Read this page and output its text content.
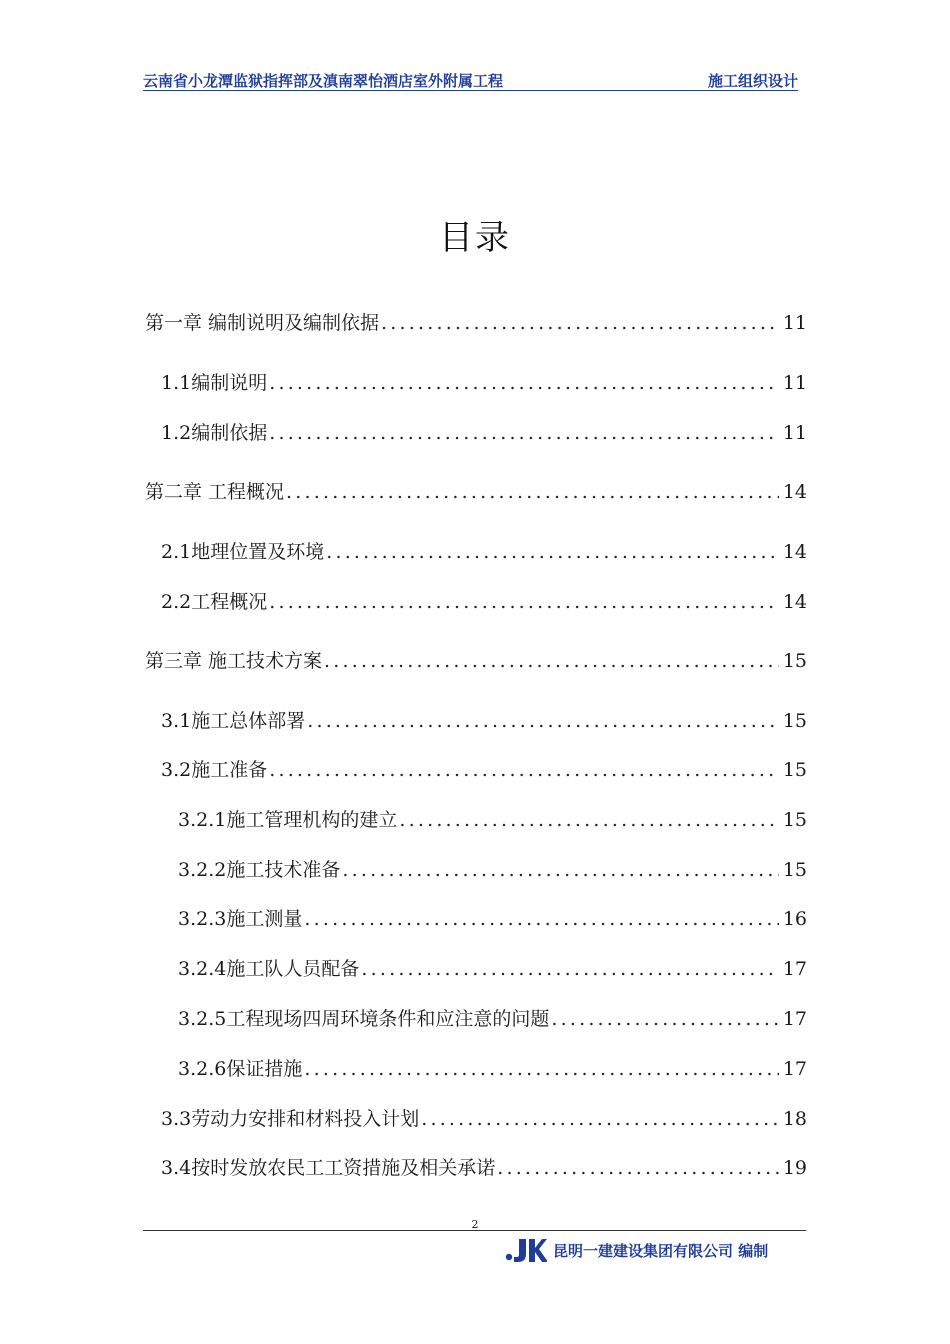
云南省小龙潭监狱指挥部及滇南翠怡酒店室外附属工程	施工组织设计
目录
第一章 编制说明及编制依据 .....	11
1.1编制说明 .....	11
1.2编制依据 .....	11
第二章 工程概况 .....	14
2.1地理位置及环境 .....	14
2.2工程概况 .....	14
第三章 施工技术方案 .....	15
3.1施工总体部署 .....	15
3.2施工准备 .....	15
3.2.1施工管理机构的建立 .....	15
3.2.2施工技术准备 .....	15
3.2.3施工测量 .....	16
3.2.4施工队人员配备 .....	17
3.2.5工程现场四周环境条件和应注意的问题 .....	17
3.2.6保证措施 .....	17
3.3劳动力安排和材料投入计划 .....	18
3.4按时发放农民工工资措施及相关承诺 .....	19
2
昆明一建建设集团有限公司 编制
